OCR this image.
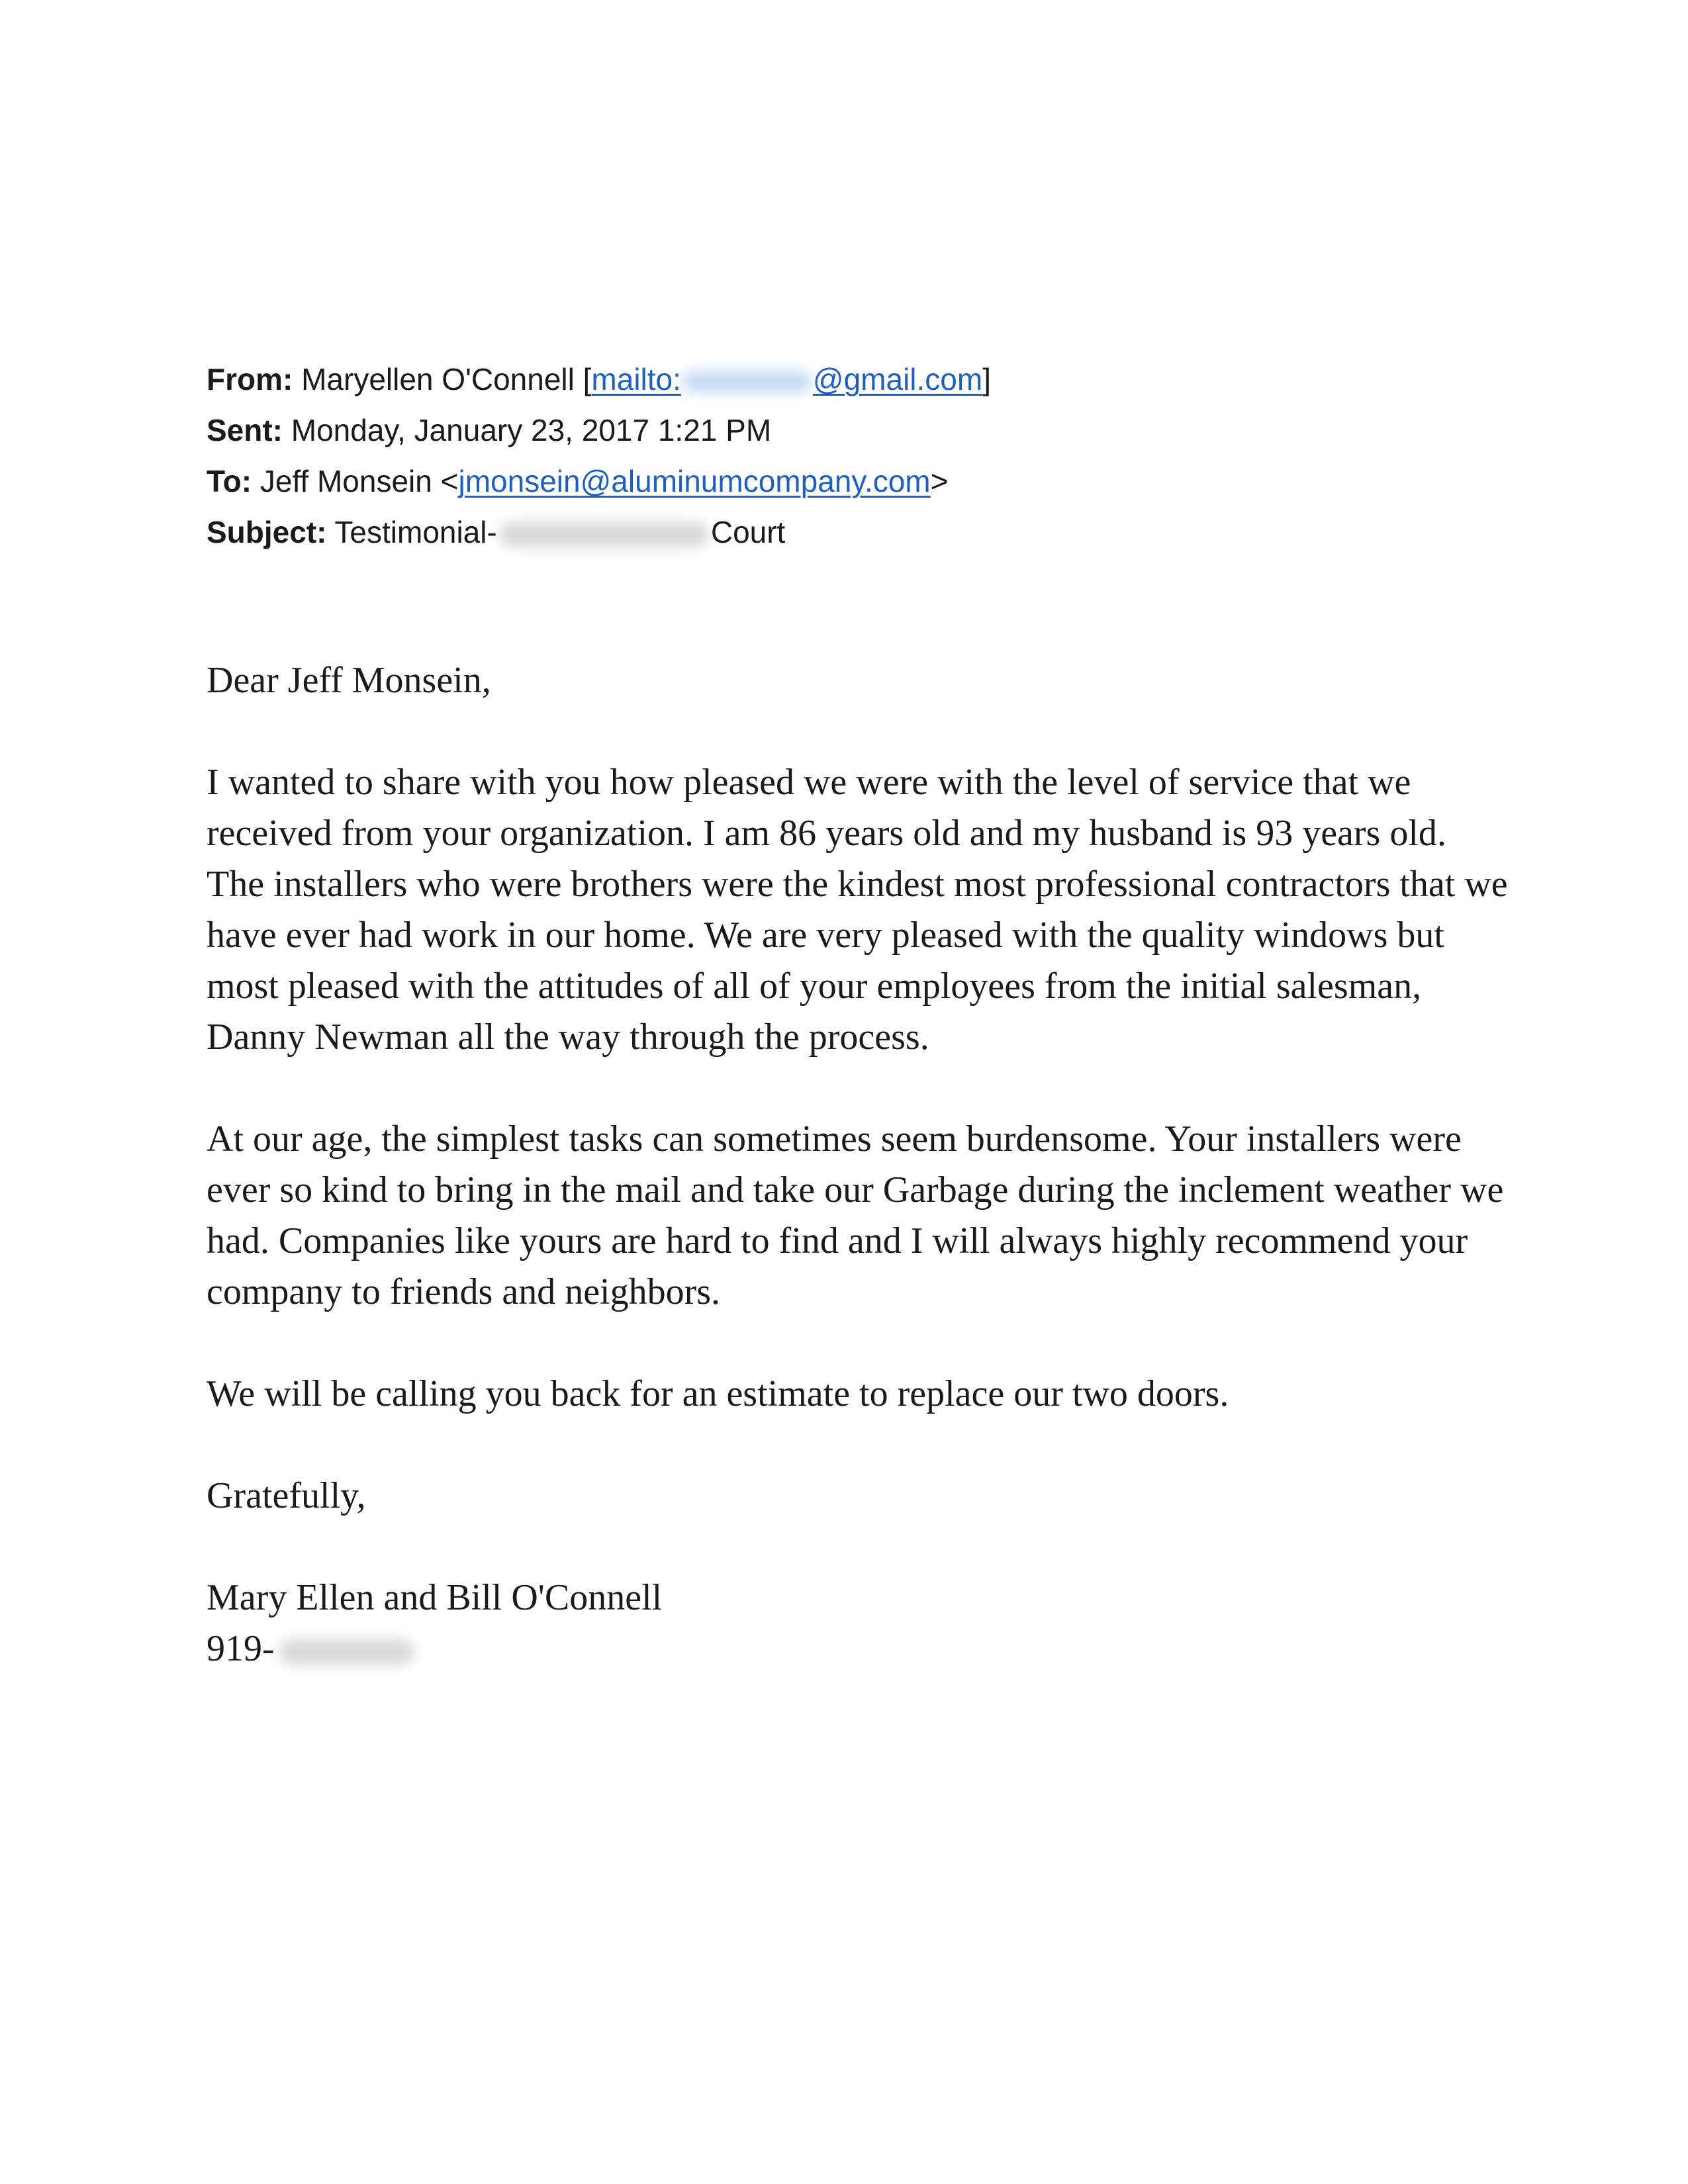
From: Maryellen O'Connell [mailto:	@gmail.com]
Sent: Monday, January 23, 2017 1:21 PM
To: Jeff Monsein <jmonsein@aluminumcompany.com>
Subject: Testimonial-	Court

Dear Jeff Monsein,

I wanted to share with you how pleased we were with the level of service that we
received from your organization. I am 86 years old and my husband is 93 years old.
The installers who were brothers were the kindest most professional contractors that we
have ever had work in our home. We are very pleased with the quality windows but
most pleased with the attitudes of all of your employees from the initial salesman,
Danny Newman all the way through the process.

At our age, the simplest tasks can sometimes seem burdensome. Your installers were
ever so kind to bring in the mail and take our Garbage during the inclement weather we
had. Companies like yours are hard to find and I will always highly recommend your
company to friends and neighbors.

We will be calling you back for an estimate to replace our two doors.

Gratefully,

Mary Ellen and Bill O'Connell
919-
